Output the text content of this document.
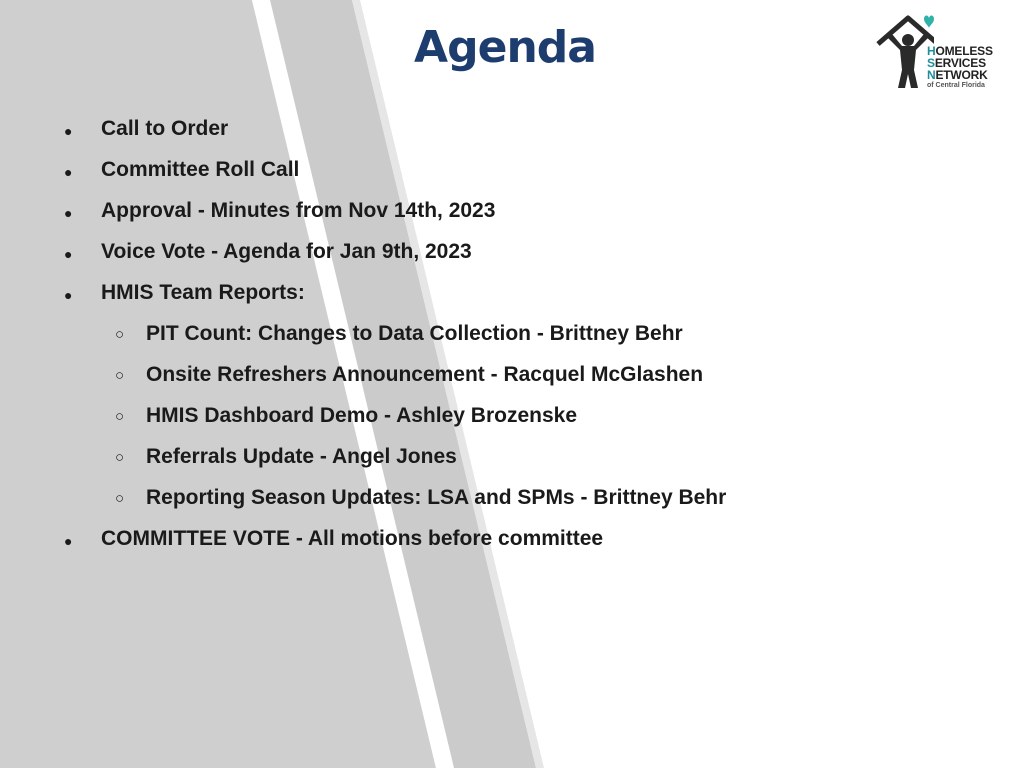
Agenda	HOMELESS
SERVICES
NETWORK
of Central Florida
● Call to Order
● Committee Roll Call
● Approval - Minutes from Nov 14th, 2023
● Voice Vote - Agenda for Jan 9th, 2023
● HMIS Team Reports:
○ PIT Count: Changes to Data Collection - Brittney Behr
○ Onsite Refreshers Announcement - Racquel McGlashen
○ HMIS Dashboard Demo - Ashley Brozenske
○ Referrals Update - Angel Jones
○ Reporting Season Updates: LSA and SPMs - Brittney Behr
● COMMITTEE VOTE - All motions before committee
